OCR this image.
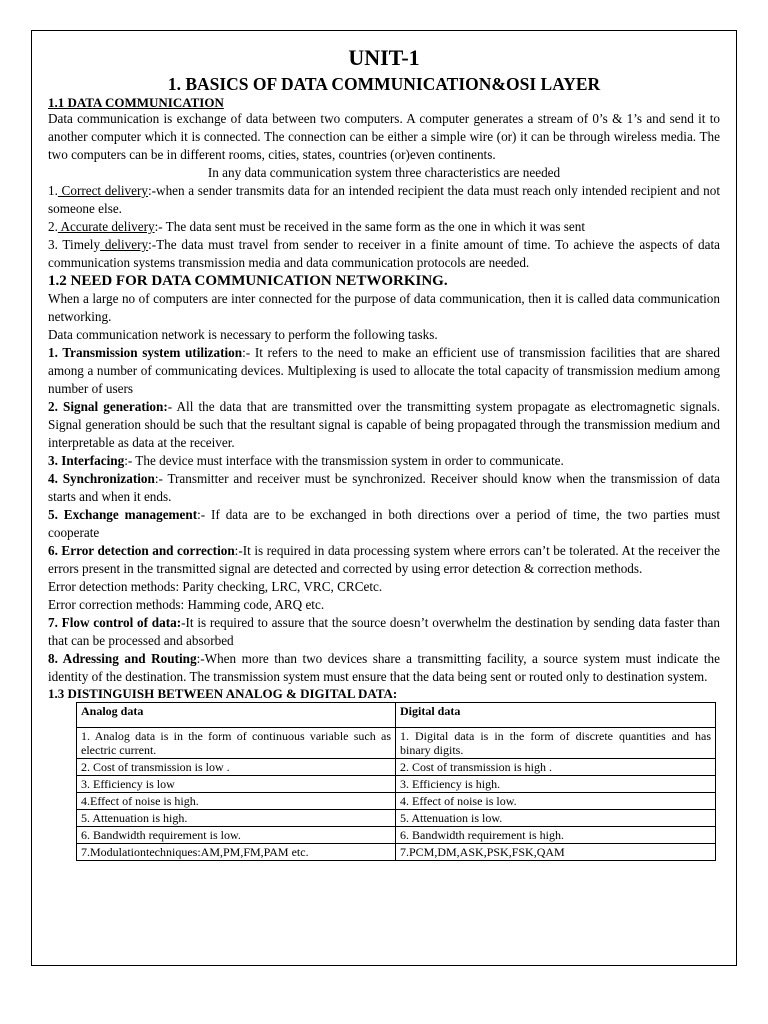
UNIT-1
1. BASICS OF DATA COMMUNICATION&OSI LAYER
1.1 DATA COMMUNICATION

Data communication is exchange of data between two computers. A computer generates a stream of 0’s & 1’s and send it to another computer which it is connected. The connection can be either a simple wire (or) it can be through wireless media. The two computers can be in different rooms, cities, states, countries (or)even continents.

In any data communication system three characteristics are needed

1. Correct delivery:-when a sender transmits data for an intended recipient the data must reach only intended recipient and not someone else.

2. Accurate delivery:- The data sent must be received in the same form as the one in which it was sent

3. Timely delivery:-The data must travel from sender to receiver in a finite amount of time. To achieve the aspects of data communication systems transmission media and data communication protocols are needed.

1.2 NEED FOR DATA COMMUNICATION NETWORKING.

When a large no of computers are inter connected for the purpose of data communication, then it is called data communication networking.

Data communication network is necessary to perform the following tasks.

1. Transmission system utilization:- It refers to the need to make an efficient use of transmission facilities that are shared among a number of communicating devices. Multiplexing is used to allocate the total capacity of transmission medium among number of users

2. Signal generation:- All the data that are transmitted over the transmitting system propagate as electromagnetic signals. Signal generation should be such that the resultant signal is capable of being propagated through the transmission medium and interpretable as data at the receiver.

3. Interfacing:- The device must interface with the transmission system in order to communicate.

4. Synchronization:- Transmitter and receiver must be synchronized. Receiver should know when the transmission of data starts and when it ends.

5. Exchange management:- If data are to be exchanged in both directions over a period of time, the two parties must cooperate

6. Error detection and correction:-It is required in data processing system where errors can’t be tolerated. At the receiver the errors present in the transmitted signal are detected and corrected by using error detection & correction methods.

Error detection methods: Parity checking, LRC, VRC, CRCetc.

Error correction methods: Hamming code, ARQ etc.

7. Flow control of data:-It is required to assure that the source doesn’t overwhelm the destination by sending data faster than that can be processed and absorbed

8. Adressing and Routing:-When more than two devices share a transmitting facility, a source system must indicate the identity of the destination. The transmission system must ensure that the data being sent or routed only to destination system.

1.3 DISTINGUISH BETWEEN ANALOG & DIGITAL DATA:
Analog data	Digital data
1. Analog data is in the form of continuous variable such as electric current.	1. Digital data is in the form of discrete quantities and has binary digits.
2. Cost of transmission is low .	2. Cost of transmission is high .
3. Efficiency is low	3. Efficiency is high.
4.Effect of noise is high.	4. Effect of noise is low.
5. Attenuation is high.	5. Attenuation is low.
6. Bandwidth requirement is low.	6. Bandwidth requirement is high.
7.Modulationtechniques:AM,PM,FM,PAM etc.	7.PCM,DM,ASK,PSK,FSK,QAM
